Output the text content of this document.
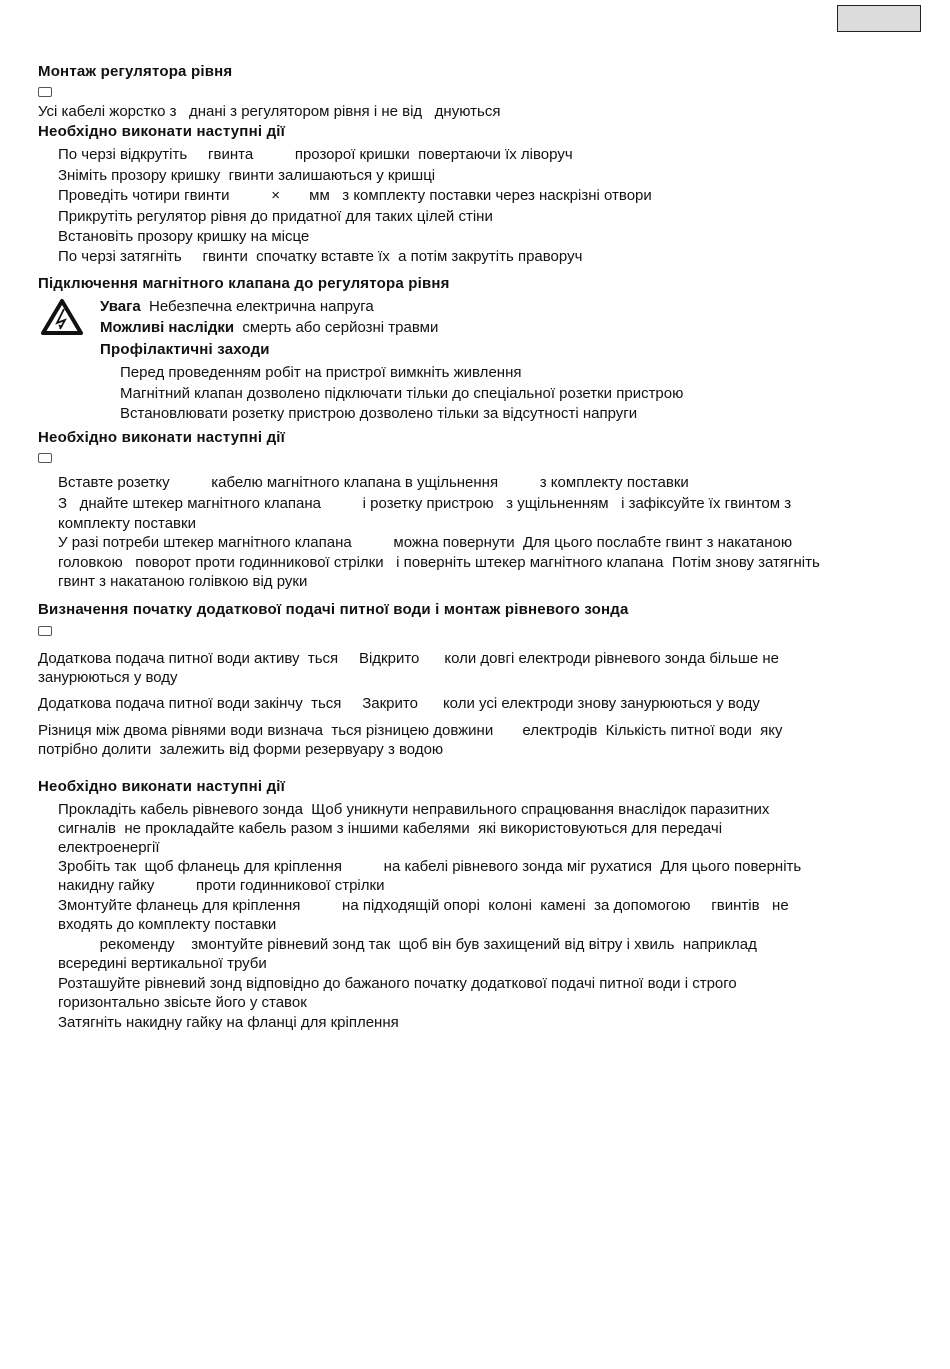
Монтаж регулятора рівня
Усі кабелі жорстко з   днані з регулятором рівня і не від   днуються
Необхідно виконати наступні дії
По черзі відкрутіть     гвинта          прозорої кришки  повертаючи їх ліворуч
Зніміть прозору кришку  гвинти залишаються у кришці
Проведіть чотири гвинти          ×       мм   з комплекту поставки через наскрізні отвори
Прикрутіть регулятор рівня до придатної для таких цілей стіни
Встановіть прозору кришку на місце
По черзі затягніть     гвинти  спочатку вставте їх  а потім закрутіть праворуч
Підключення магнітного клапана до регулятора рівня
Увага  Небезпечна електрична напруга
Можливі наслідки  смерть або серйозні травми
Профілактичні заходи
Перед проведенням робіт на пристрої вимкніть живлення
Магнітний клапан дозволено підключати тільки до спеціальної розетки пристрою
Встановлювати розетку пристрою дозволено тільки за відсутності напруги
Необхідно виконати наступні дії
Вставте розетку          кабелю магнітного клапана в ущільнення          з комплекту поставки
З   днайте штекер магнітного клапана          і розетку пристрою   з ущільненням   і зафіксуйте їх гвинтом з
комплекту поставки
У разі потреби штекер магнітного клапана          можна повернути  Для цього послабте гвинт з накатаною
головкою   поворот проти годинникової стрілки   і поверніть штекер магнітного клапана  Потім знову затягніть
гвинт з накатаною голівкою від руки
Визначення початку додаткової подачі питної води і монтаж рівневого зонда
Додаткова подача питної води активу  ться     Відкрито      коли довгі електроди рівневого зонда більше не
занурюються у воду
Додаткова подача питної води закінчу  ться     Закрито      коли усі електроди знову занурюються у воду
Різниця між двома рівнями води визнача  ться різницею довжини       електродів  Кількість питної води  яку
потрібно долити  залежить від форми резервуару з водою
Необхідно виконати наступні дії
Прокладіть кабель рівневого зонда  Щоб уникнути неправильного спрацювання внаслідок паразитних
сигналів  не прокладайте кабель разом з іншими кабелями  які використовуються для передачі
електроенергії
Зробіть так  щоб фланець для кріплення          на кабелі рівневого зонда міг рухатися  Для цього поверніть
накидну гайку          проти годинникової стрілки
Змонтуйте фланець для кріплення          на підходящій опорі  колоні  камені  за допомогою     гвинтів   не
входять до комплекту поставки
рекоменду    змонтуйте рівневий зонд так  щоб він був захищений від вітру і хвиль  наприклад
всередині вертикальної труби
Розташуйте рівневий зонд відповідно до бажаного початку додаткової подачі питної води і строго
горизонтально звісьте його у ставок
Затягніть накидну гайку на фланці для кріплення
